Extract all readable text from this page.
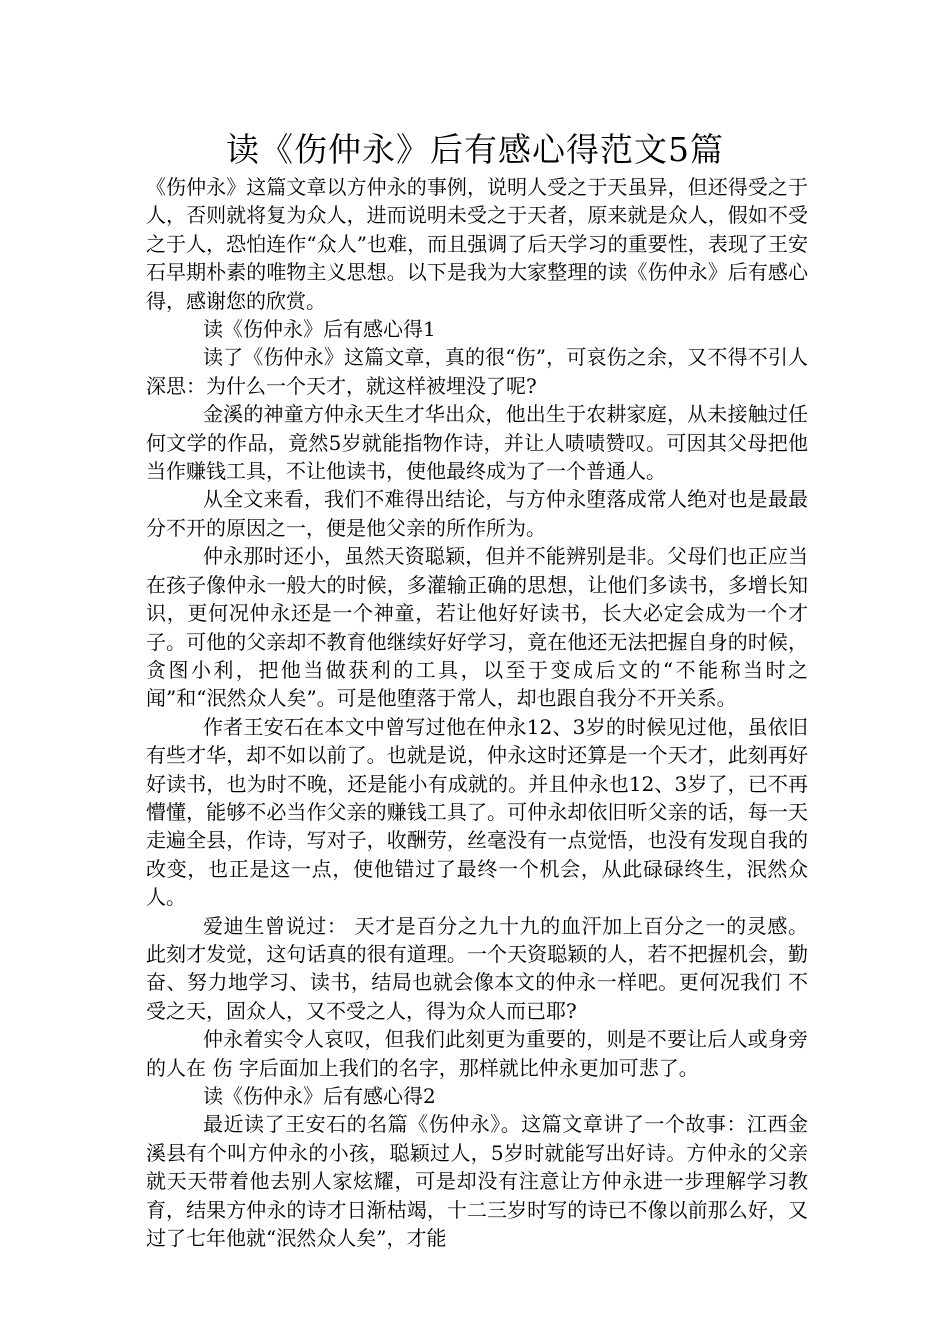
读《伤仲永》后有感心得范文5篇

《伤仲永》这篇文章以方仲永的事例，说明人受之于天虽异，但还得受之于人，否则就将复为众人，进而说明未受之于天者，原来就是众人，假如不受之于人，恐怕连作“众人”也难，而且强调了后天学习的重要性，表现了王安石早期朴素的唯物主义思想。以下是我为大家整理的读《伤仲永》后有感心得，感谢您的欣赏。

读《伤仲永》后有感心得1

读了《伤仲永》这篇文章，真的很“伤”，可哀伤之余，又不得不引人深思：为什么一个天才，就这样被埋没了呢?

金溪的神童方仲永天生才华出众，他出生于农耕家庭，从未接触过任何文学的作品，竟然5岁就能指物作诗，并让人啧啧赞叹。可因其父母把他当作赚钱工具，不让他读书，使他最终成为了一个普通人。

从全文来看，我们不难得出结论，与方仲永堕落成常人绝对也是最最分不开的原因之一，便是他父亲的所作所为。

仲永那时还小，虽然天资聪颖，但并不能辨别是非。父母们也正应当在孩子像仲永一般大的时候，多灌输正确的思想，让他们多读书，多增长知识，更何况仲永还是一个神童，若让他好好读书，长大必定会成为一个才子。可他的父亲却不教育他继续好好学习，竟在他还无法把握自身的时候，贪图小利，把他当做获利的工具，以至于变成后文的“不能称当时之闻”和“泯然众人矣”。可是他堕落于常人，却也跟自我分不开关系。

作者王安石在本文中曾写过他在仲永12、3岁的时候见过他，虽依旧有些才华，却不如以前了。也就是说，仲永这时还算是一个天才，此刻再好好读书，也为时不晚，还是能小有成就的。并且仲永也12、3岁了，已不再懵懂，能够不必当作父亲的赚钱工具了。可仲永却依旧听父亲的话，每一天走遍全县，作诗，写对子，收酬劳，丝毫没有一点觉悟，也没有发现自我的改变，也正是这一点，使他错过了最终一个机会，从此碌碌终生，泯然众人。

爱迪生曾说过： 天才是百分之九十九的血汗加上百分之一的灵感。 此刻才发觉，这句话真的很有道理。一个天资聪颖的人，若不把握机会，勤奋、努力地学习、读书，结局也就会像本文的仲永一样吧。更何况我们 不受之天，固众人，又不受之人，得为众人而已耶?

仲永着实令人哀叹，但我们此刻更为重要的，则是不要让后人或身旁的人在 伤 字后面加上我们的名字，那样就比仲永更加可悲了。

读《伤仲永》后有感心得2

最近读了王安石的名篇《伤仲永》。这篇文章讲了一个故事：江西金溪县有个叫方仲永的小孩，聪颖过人，5岁时就能写出好诗。方仲永的父亲就天天带着他去别人家炫耀，可是却没有注意让方仲永进一步理解学习教育，结果方仲永的诗才日渐枯竭，十二三岁时写的诗已不像以前那么好，又过了七年他就“泯然众人矣”，才能
